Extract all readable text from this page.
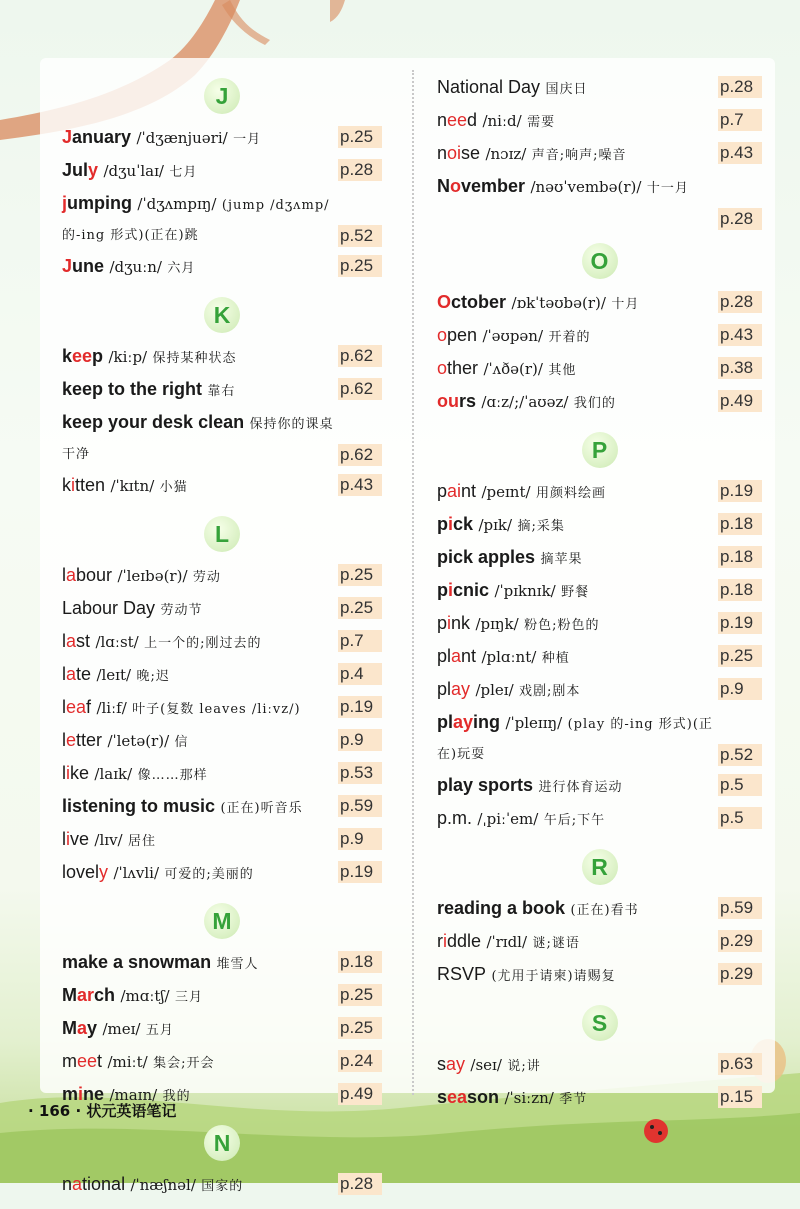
J
January /ˈdʒænjuəri/ 一月	p.25
July /dʒuˈlaɪ/ 七月	p.28
jumping /ˈdʒʌmpɪŋ/ (jump /dʒʌmp/
的-ing 形式)(正在)跳	p.52
June /dʒuːn/ 六月	p.25
K
keep /kiːp/ 保持某种状态	p.62
keep to the right 靠右	p.62
keep your desk clean 保持你的课桌
干净	p.62
kitten /ˈkɪtn/ 小猫	p.43
L
labour /ˈleɪbə(r)/ 劳动	p.25
Labour Day 劳动节	p.25
last /lɑːst/ 上一个的;刚过去的	p.7
late /leɪt/ 晚;迟	p.4
leaf /liːf/ 叶子(复数 leaves /liːvz/)	p.19
letter /ˈletə(r)/ 信	p.9
like /laɪk/ 像……那样	p.53
listening to music (正在)听音乐	p.59
live /lɪv/ 居住	p.9
lovely /ˈlʌvli/ 可爱的;美丽的	p.19
M
make a snowman 堆雪人	p.18
March /mɑːtʃ/ 三月	p.25
May /meɪ/ 五月	p.25
meet /miːt/ 集会;开会	p.24
mine /maɪn/ 我的	p.49
N
national /ˈnæʃnəl/ 国家的	p.28
National Day 国庆日	p.28
need /niːd/ 需要	p.7
noise /nɔɪz/ 声音;响声;噪音	p.43
November /nəʊˈvembə(r)/ 十一月
p.28
O
October /ɒkˈtəʊbə(r)/ 十月	p.28
open /ˈəʊpən/ 开着的	p.43
other /ˈʌðə(r)/ 其他	p.38
ours /ɑːz/;/ˈaʊəz/ 我们的	p.49
P
paint /peɪnt/ 用颜料绘画	p.19
pick /pɪk/ 摘;采集	p.18
pick apples 摘苹果	p.18
picnic /ˈpɪknɪk/ 野餐	p.18
pink /pɪŋk/ 粉色;粉色的	p.19
plant /plɑːnt/ 种植	p.25
play /pleɪ/ 戏剧;剧本	p.9
playing /ˈpleɪɪŋ/ (play 的-ing 形式)(正
在)玩耍	p.52
play sports 进行体育运动	p.5
p.m. /ˌpiːˈem/ 午后;下午	p.5
R
reading a book (正在)看书	p.59
riddle /ˈrɪdl/ 谜;谜语	p.29
RSVP (尤用于请柬)请赐复	p.29
S
say /seɪ/ 说;讲	p.63
season /ˈsiːzn/ 季节	p.15
· 166 · 状元英语笔记
